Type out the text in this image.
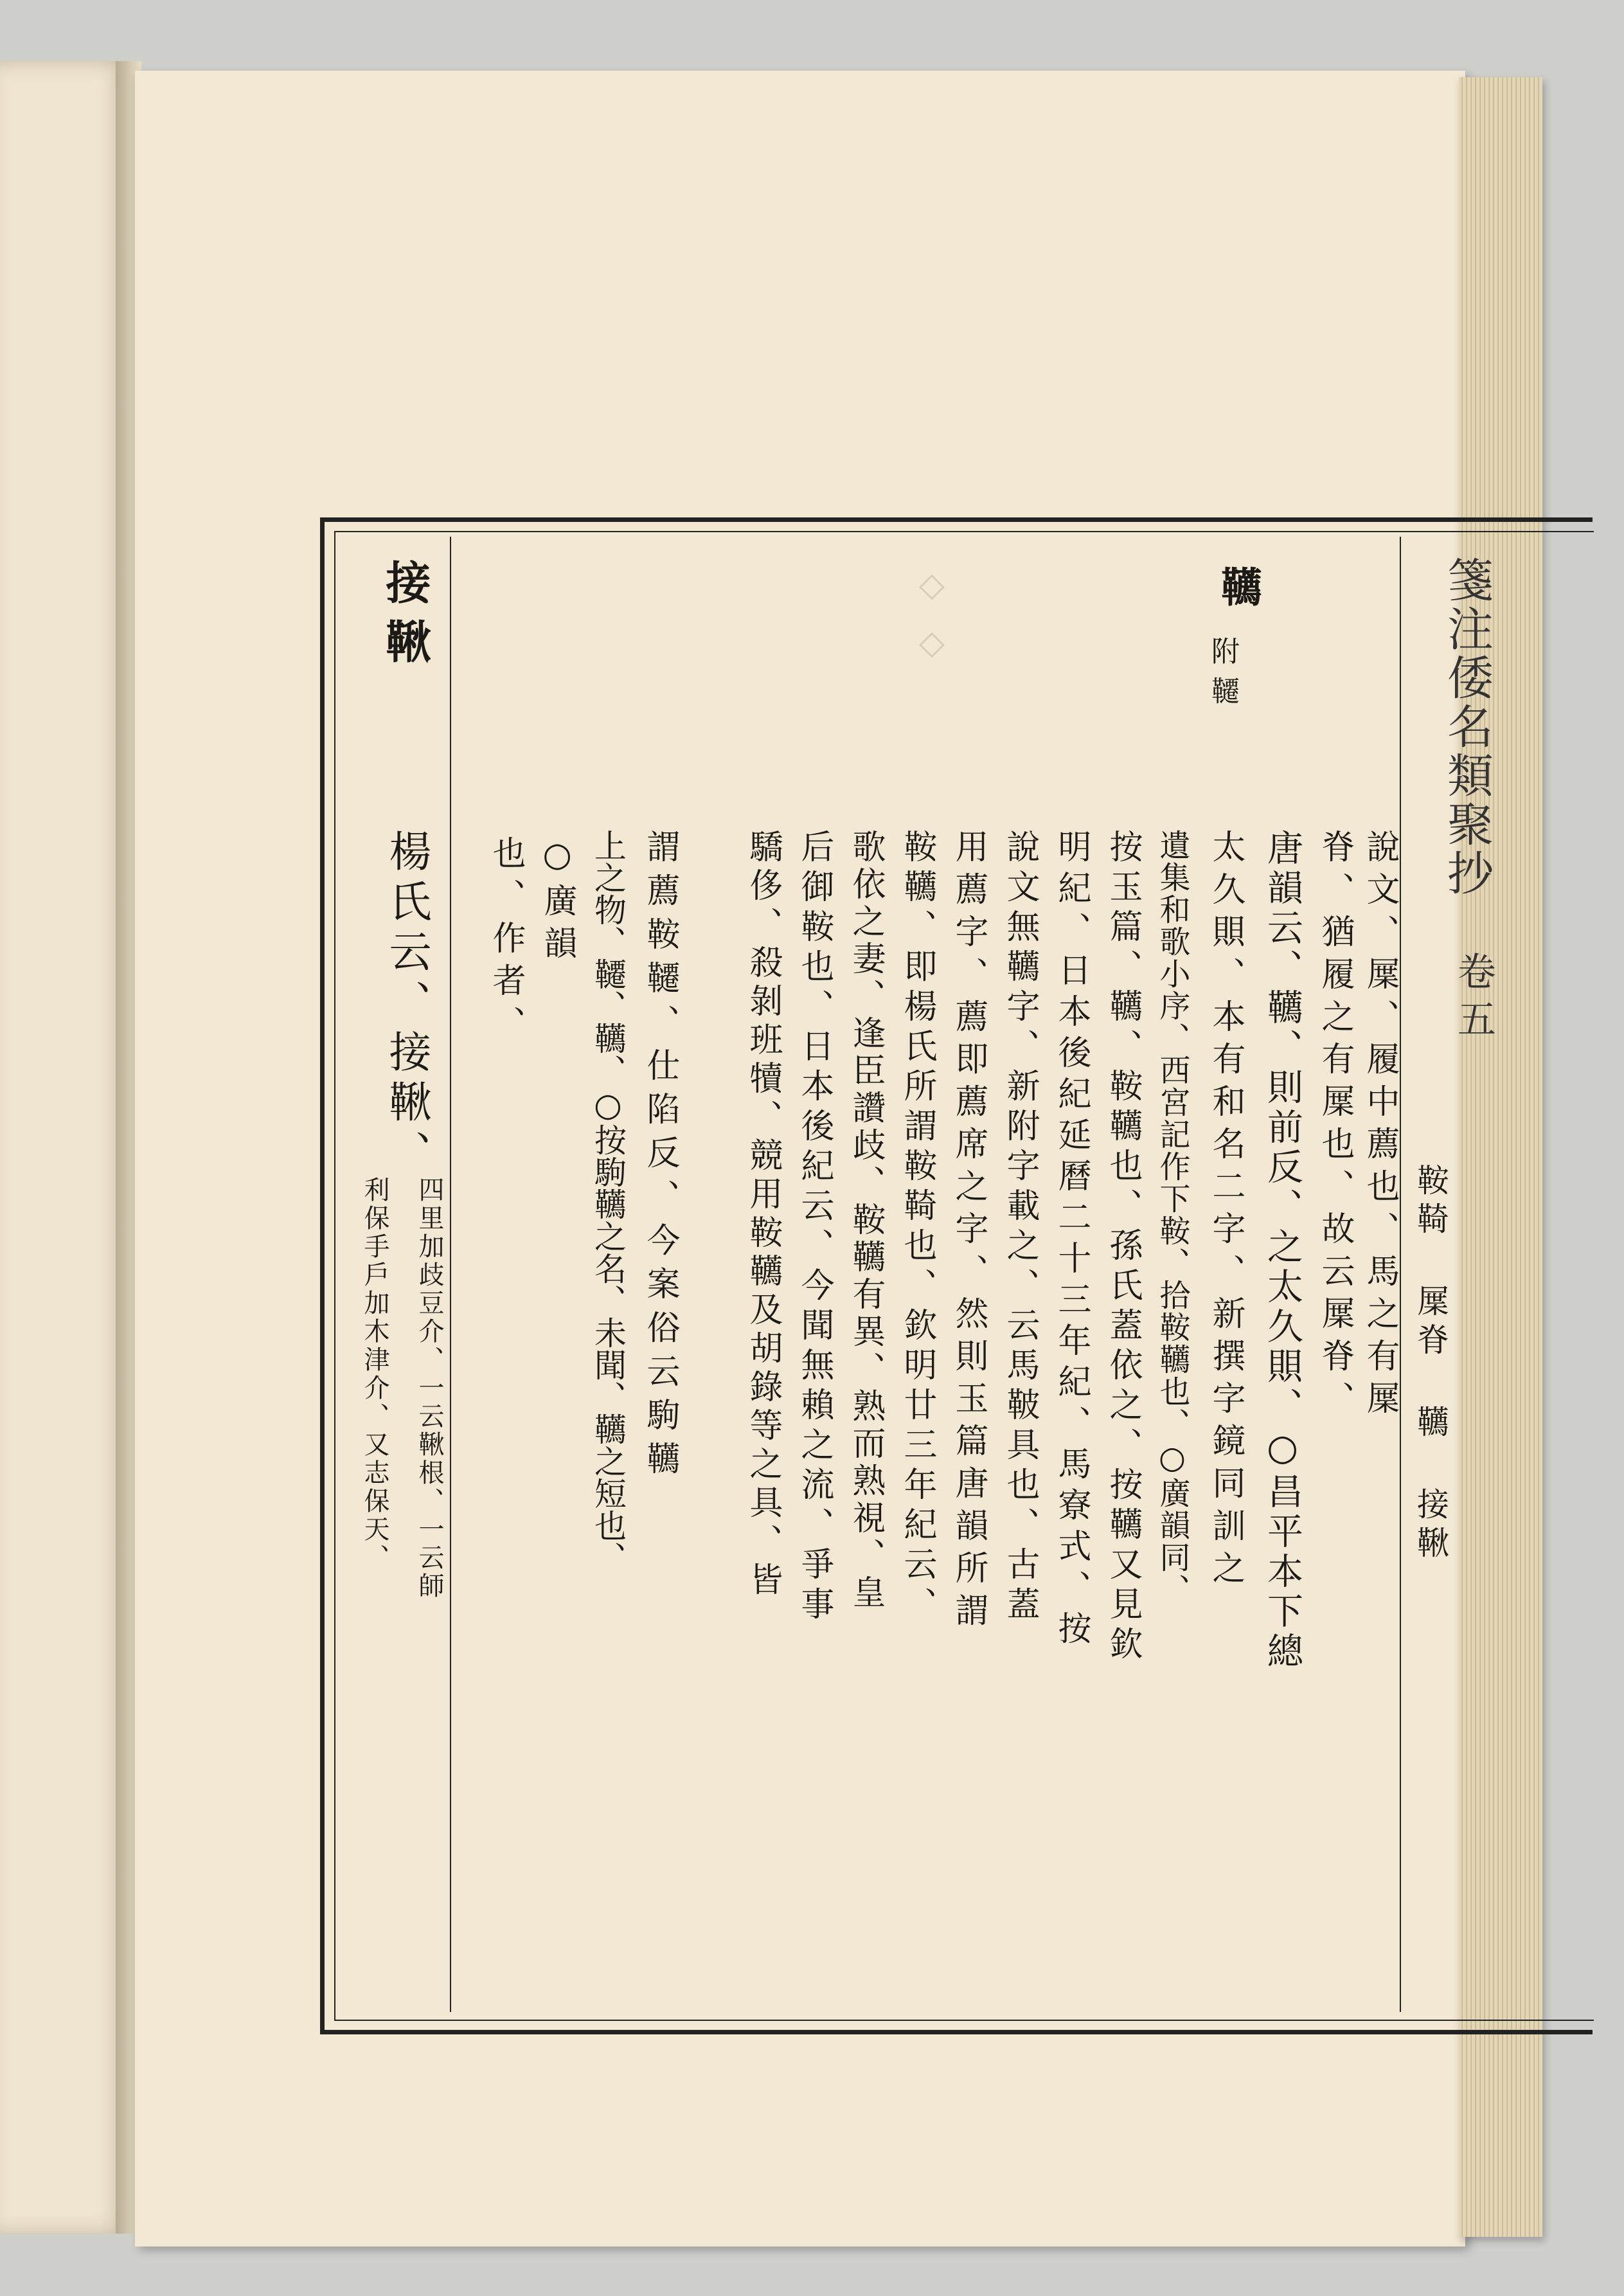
◇◇	箋注倭名類聚抄
卷五
鞍䩭 屟脊 韉 接鞦
韉
附韆
說文、屟、履中薦也、馬之有屟
脊、猶履之有屟也、故云屟脊、
唐韻云、韉、則前反、之太久賏、○昌平本下總
太久賏、本有和名二字、新撰字鏡同訓之
遺集和歌小序、西宮記作下鞍、拾鞍韉也、○廣韻同、
按玉篇、韉、鞍韉也、孫氏蓋依之、按韉又見欽
明紀、日本後紀延曆二十三年紀、馬寮式、按
說文無韉字、新附字載之、云馬鞁具也、古蓋
用薦字、薦即薦席之字、然則玉篇唐韻所謂
鞍韉、即楊氏所謂鞍䩭也、欽明廿三年紀云、
歌依之妻、逢臣讚歧、鞍韉有異、熟而熟視、皇
后御鞍也、日本後紀云、今聞無賴之流、爭事
驕侈、殺剝班犢、競用鞍韉及胡錄等之具、皆
謂薦鞍韆、仕陷反、今案俗云駒韉
上之物、韆、韉、○按駒韉之名、未聞、韉之短也、
○廣韻
也、作者、
接鞦
楊氏云、接鞦、
四里加歧豆介、一云鞦根、一云師
利保手戶加木津介、又志保天、
